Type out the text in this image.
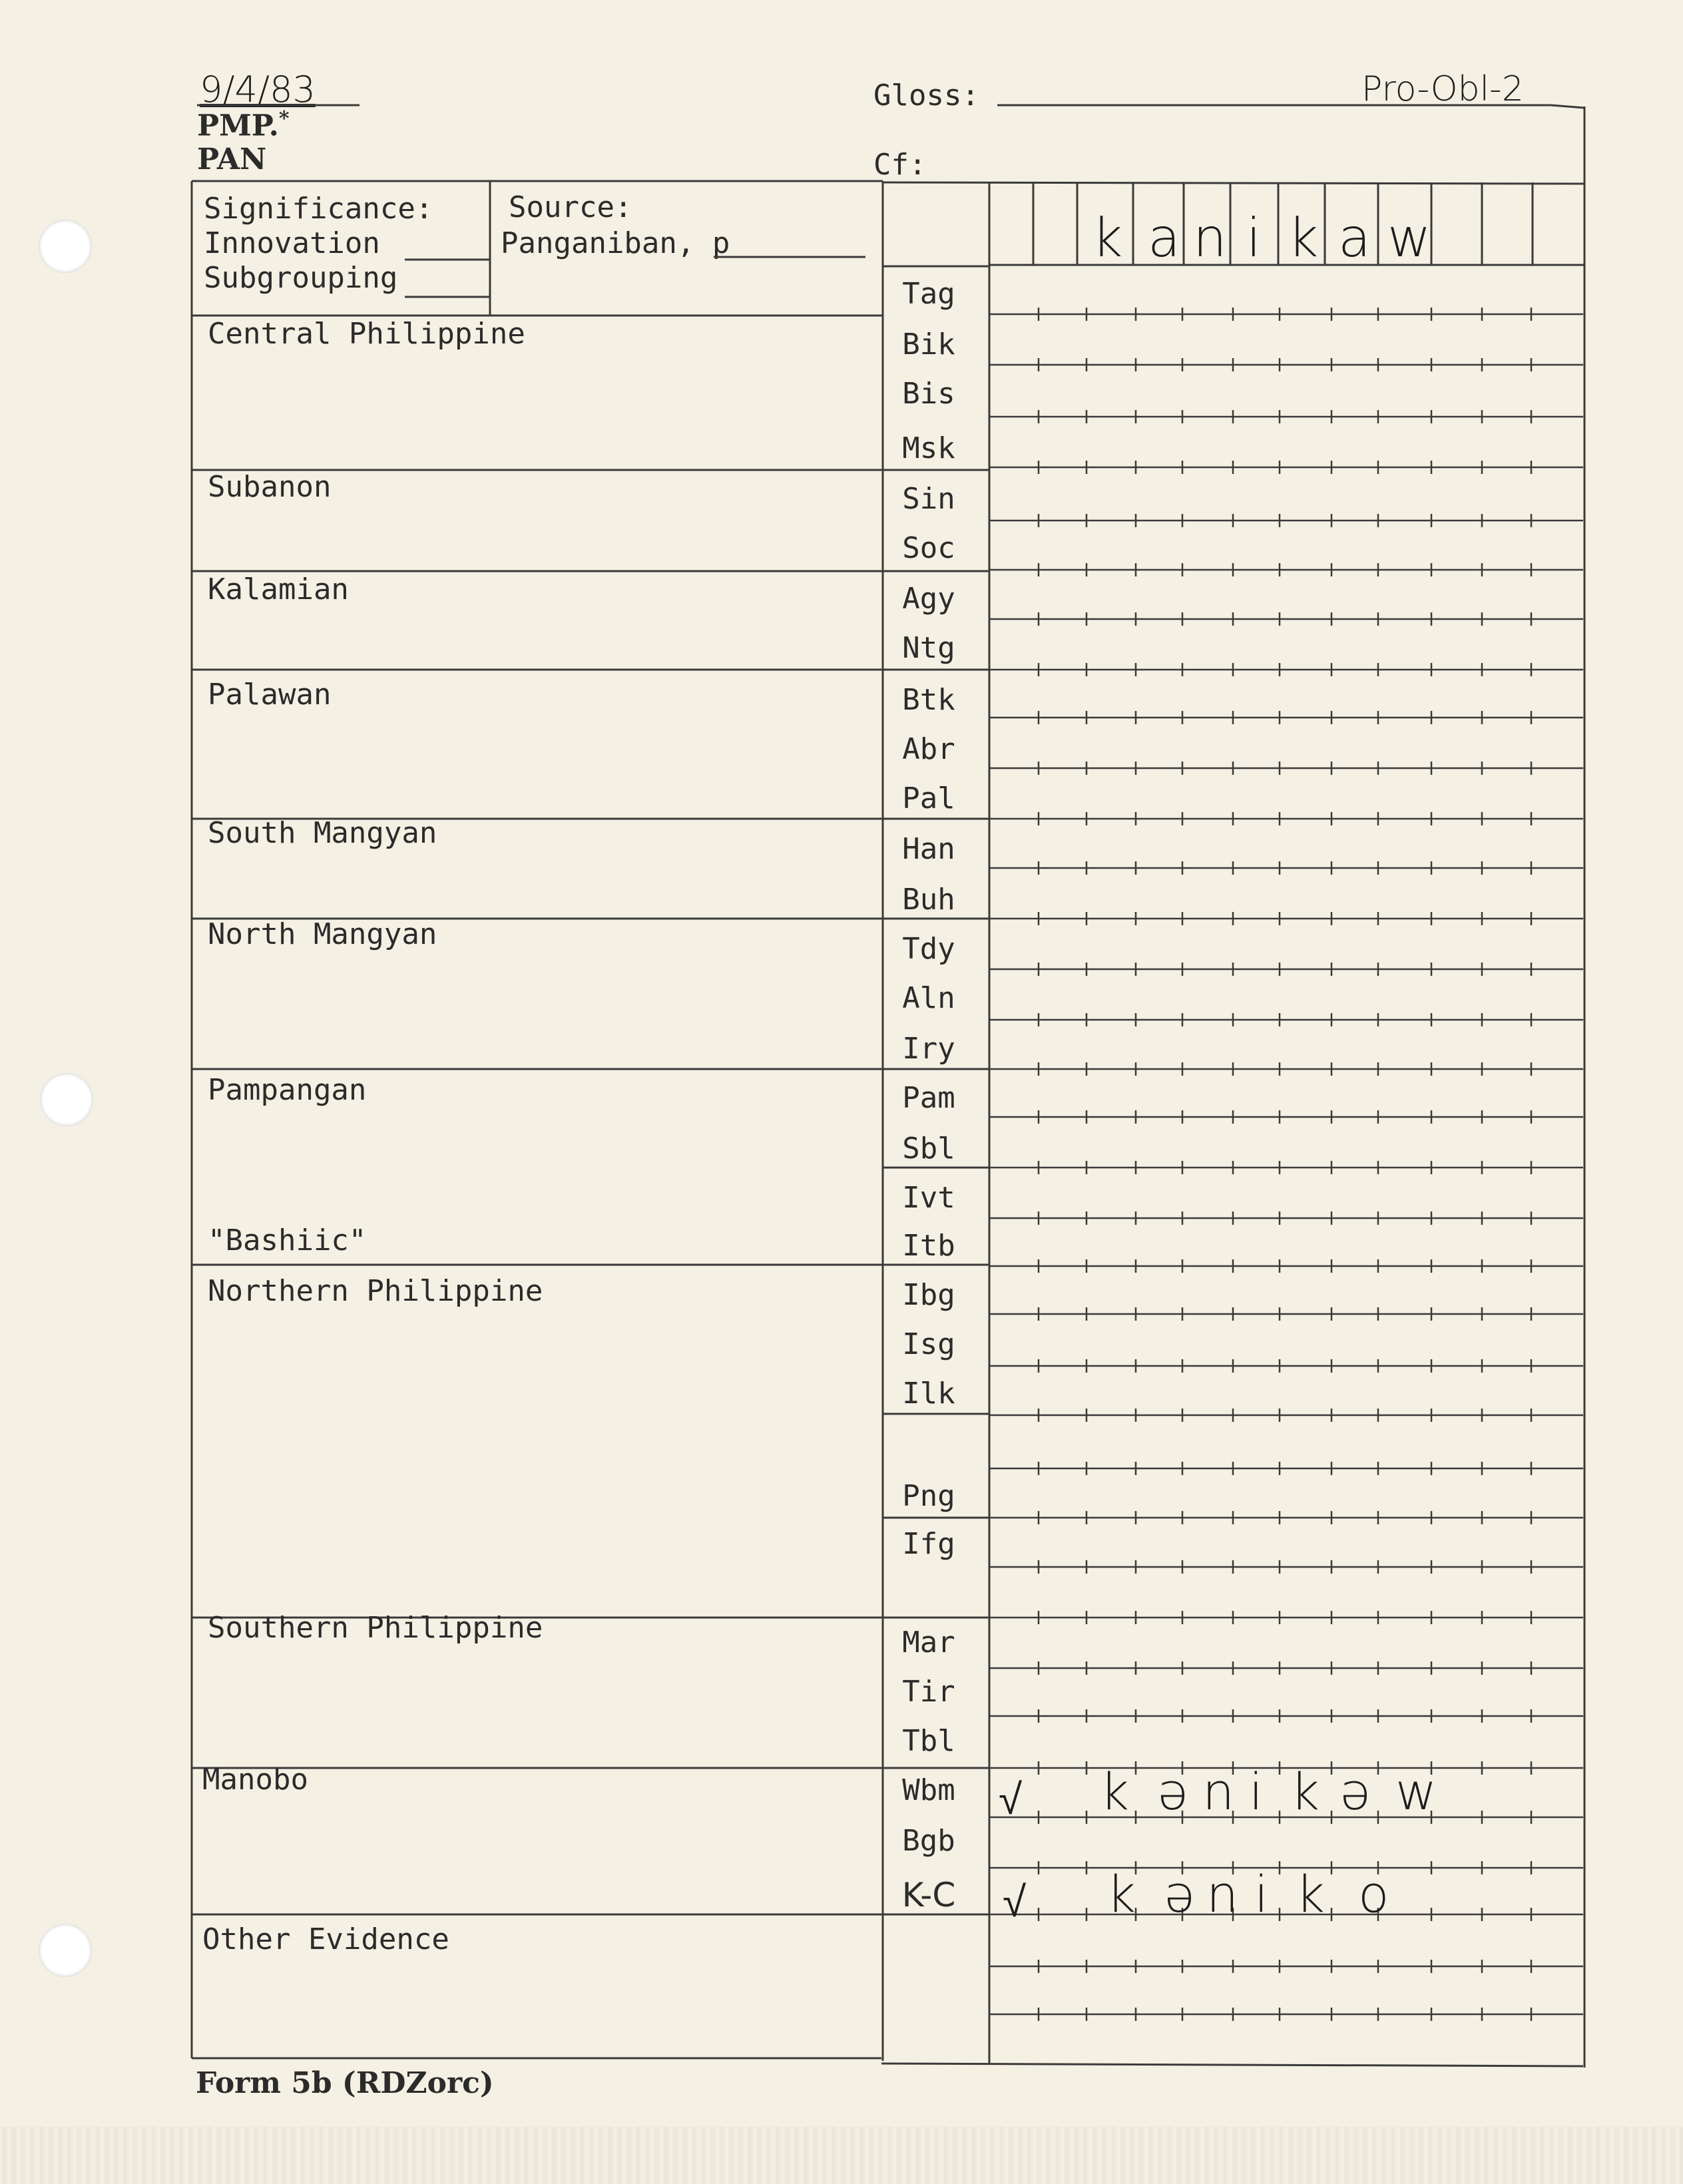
9/4/83
PMP.*
PAN
Gloss:	Pro-Obl-2
Cf:
Significance:
Innovation
Subgrouping
Source:
Panganiban, p	k a n i k a w
Central Philippine
Subanon
Kalamian
Palawan
South Mangyan
North Mangyan
Pampangan
"Bashiic"
Northern Philippine
Southern Philippine
Manobo
Other Evidence
Tag
Bik
Bis
Msk
Sin
Soc
Agy
Ntg
Btk
Abr
Pal
Han
Buh
Tdy
Aln
Iry
Pam
Sbl
Ivt
Itb
Ibg
Isg
Ilk
Png
Ifg
Mar
Tir
Tbl
Wbm
Bgb
K-C
√ k ə n i k ə w
√ k ə n i k o
Form 5b (RDZorc)
